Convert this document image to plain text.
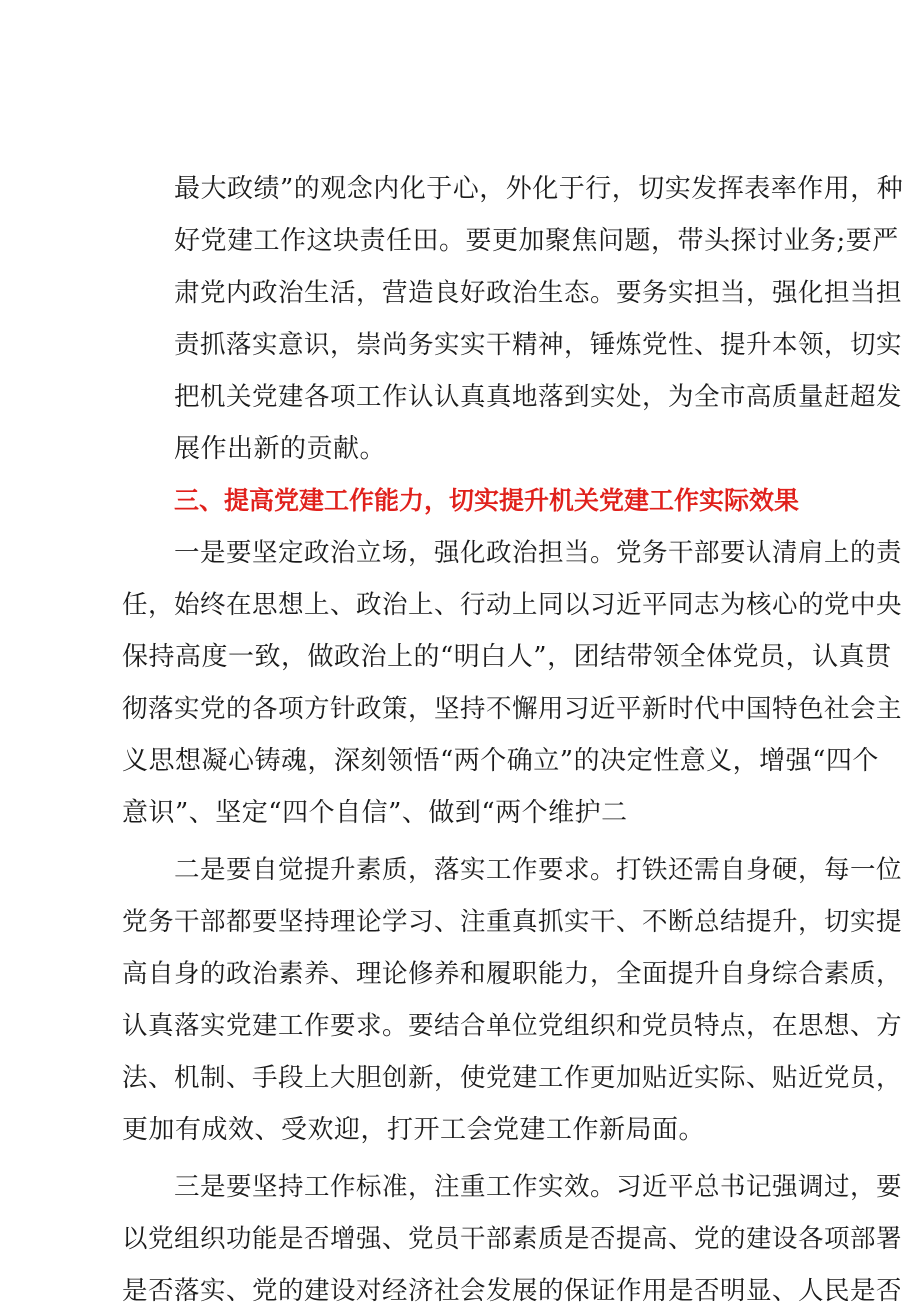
最大政绩”的观念内化于心，外化于行，切实发挥表率作用，种
好党建工作这块责任田。要更加聚焦问题，带头探讨业务;要严
肃党内政治生活，营造良好政治生态。要务实担当，强化担当担
责抓落实意识，崇尚务实实干精神，锤炼党性、提升本领，切实
把机关党建各项工作认认真真地落到实处，为全市高质量赶超发
展作出新的贡献。
三、提高党建工作能力，切实提升机关党建工作实际效果
一是要坚定政治立场，强化政治担当。党务干部要认清肩上的责
任，始终在思想上、政治上、行动上同以习近平同志为核心的党中央
保持高度一致，做政治上的“明白人”，团结带领全体党员，认真贯
彻落实党的各项方针政策，坚持不懈用习近平新时代中国特色社会主
义思想凝心铸魂，深刻领悟“两个确立”的决定性意义，增强“四个
意识”、坚定“四个自信”、做到“两个维护二
二是要自觉提升素质，落实工作要求。打铁还需自身硬，每一位
党务干部都要坚持理论学习、注重真抓实干、不断总结提升，切实提
高自身的政治素养、理论修养和履职能力，全面提升自身综合素质，
认真落实党建工作要求。要结合单位党组织和党员特点，在思想、方
法、机制、手段上大胆创新，使党建工作更加贴近实际、贴近党员，
更加有成效、受欢迎，打开工会党建工作新局面。
三是要坚持工作标准，注重工作实效。习近平总书记强调过，要
以党组织功能是否增强、党员干部素质是否提高、党的建设各项部署
是否落实、党的建设对经济社会发展的保证作用是否明显、人民是否
